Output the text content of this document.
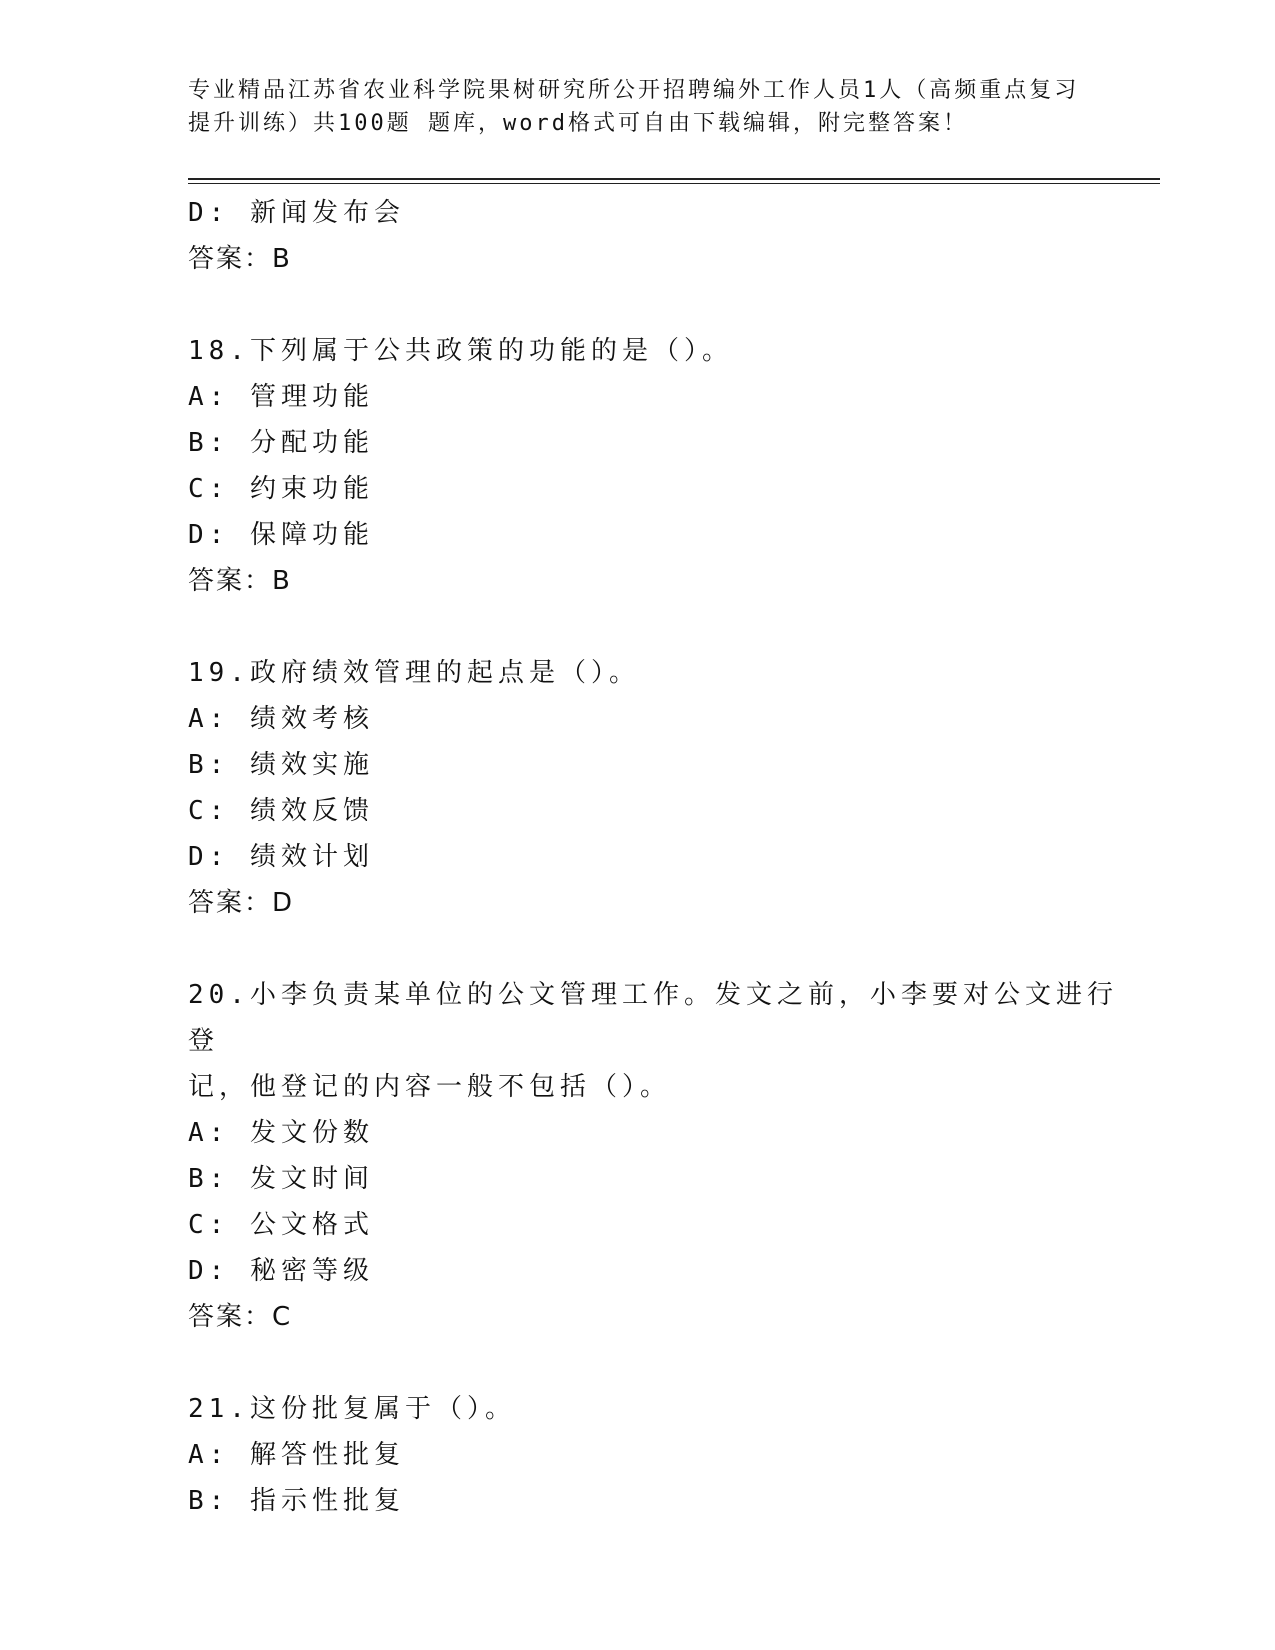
专业精品江苏省农业科学院果树研究所公开招聘编外工作人员1人（高频重点复习
提升训练）共100题 题库，word格式可自由下载编辑，附完整答案！
D: 新闻发布会
答案：B
18.下列属于公共政策的功能的是（）。
A: 管理功能
B: 分配功能
C: 约束功能
D: 保障功能
答案：B
19.政府绩效管理的起点是（）。
A: 绩效考核
B: 绩效实施
C: 绩效反馈
D: 绩效计划
答案：D
20.小李负责某单位的公文管理工作。发文之前，小李要对公文进行登
记，他登记的内容一般不包括（）。
A: 发文份数
B: 发文时间
C: 公文格式
D: 秘密等级
答案：C
21.这份批复属于（）。
A: 解答性批复
B: 指示性批复
